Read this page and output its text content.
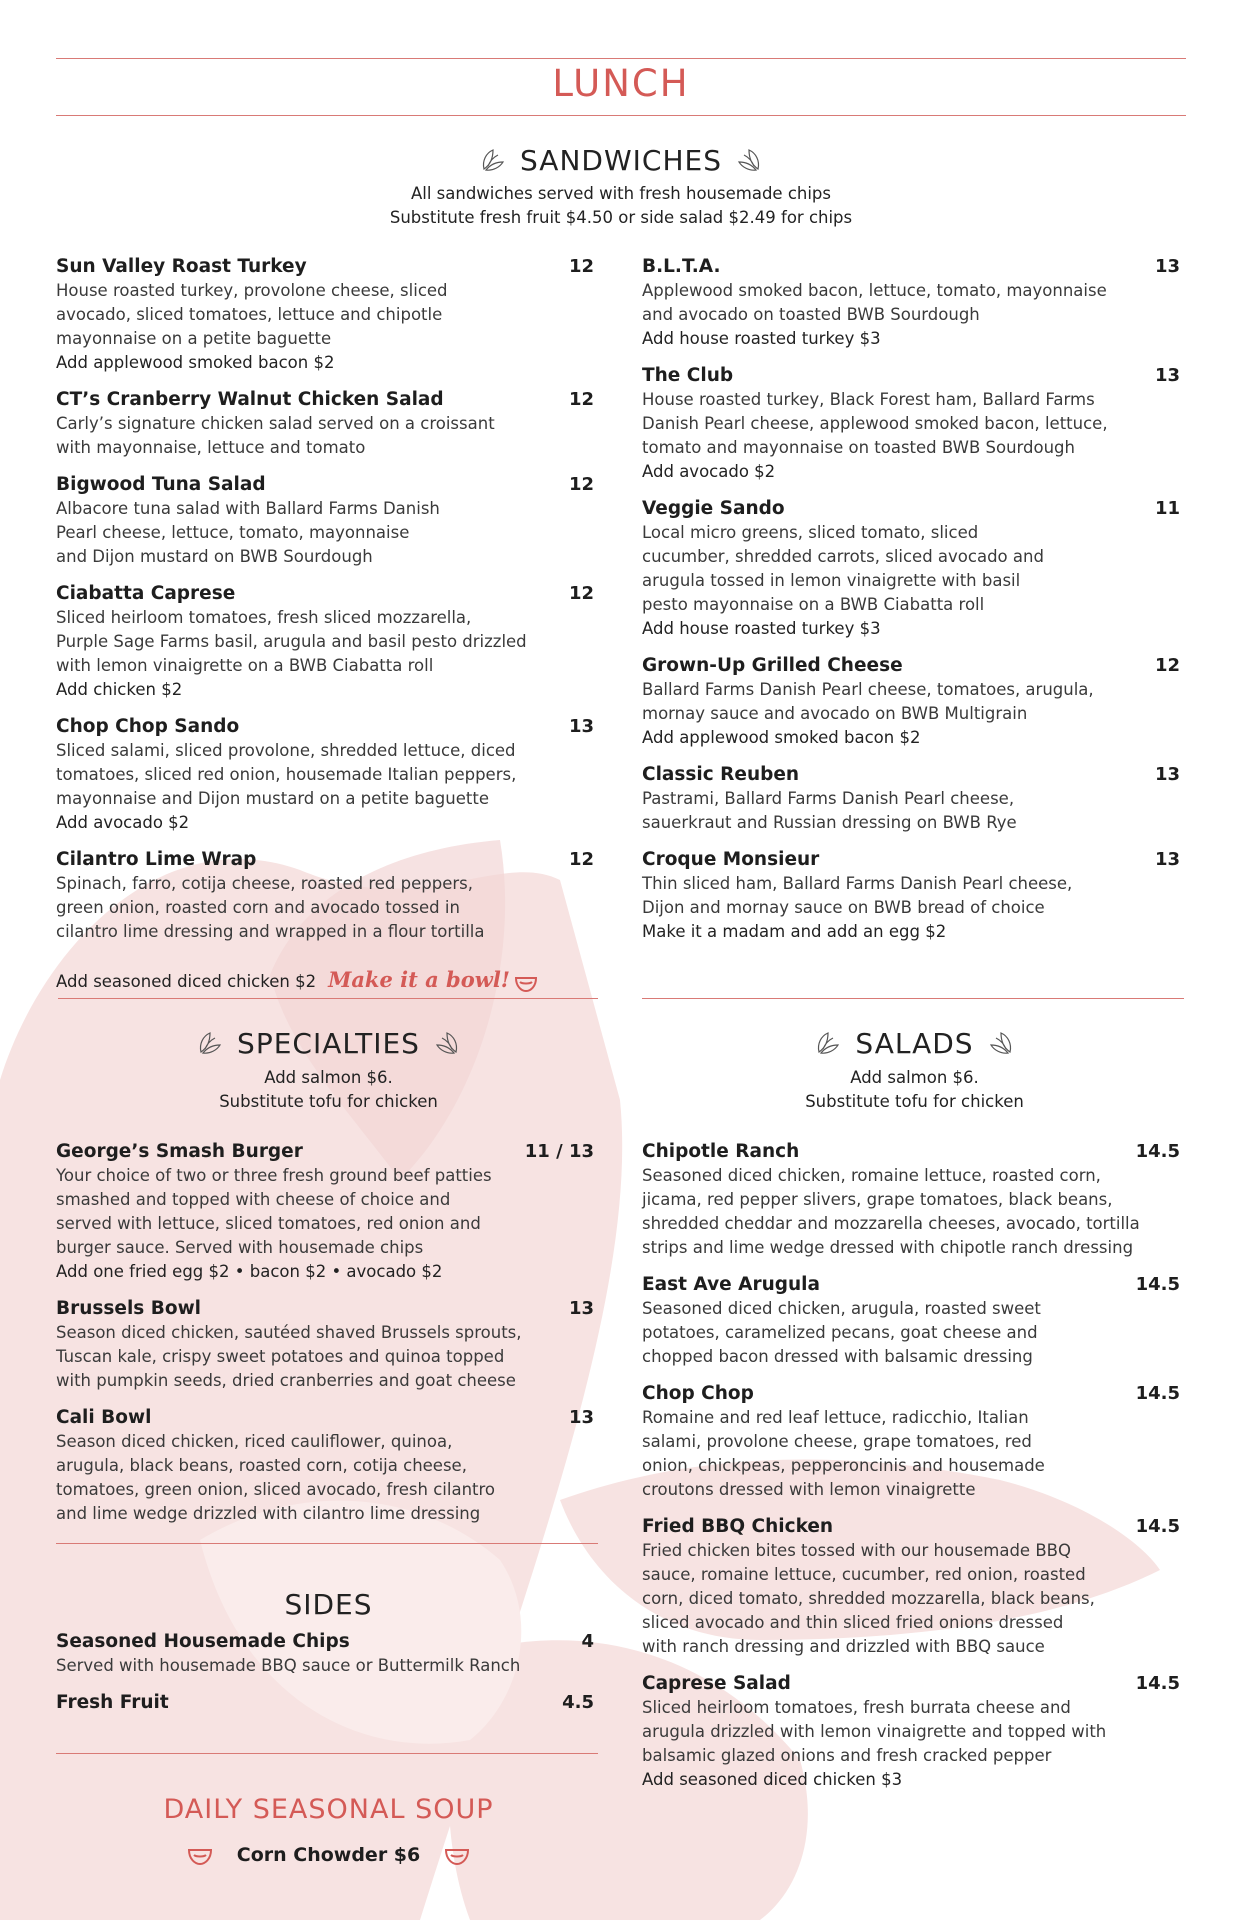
LUNCH
SANDWICHES
All sandwiches served with fresh housemade chips
Substitute fresh fruit $4.50 or side salad $2.49 for chips
Sun Valley Roast Turkey	12
House roasted turkey, provolone cheese, sliced
avocado, sliced tomatoes, lettuce and chipotle
mayonnaise on a petite baguette
Add applewood smoked bacon $2
CT’s Cranberry Walnut Chicken Salad	12
Carly’s signature chicken salad served on a croissant
with mayonnaise, lettuce and tomato
Bigwood Tuna Salad	12
Albacore tuna salad with Ballard Farms Danish
Pearl cheese, lettuce, tomato, mayonnaise
and Dijon mustard on BWB Sourdough
Ciabatta Caprese	12
Sliced heirloom tomatoes, fresh sliced mozzarella,
Purple Sage Farms basil, arugula and basil pesto drizzled
with lemon vinaigrette on a BWB Ciabatta roll
Add chicken $2
Chop Chop Sando	13
Sliced salami, sliced provolone, shredded lettuce, diced
tomatoes, sliced red onion, housemade Italian peppers,
mayonnaise and Dijon mustard on a petite baguette
Add avocado $2
Cilantro Lime Wrap	12
Spinach, farro, cotija cheese, roasted red peppers,
green onion, roasted corn and avocado tossed in
cilantro lime dressing and wrapped in a flour tortilla

Add seasoned diced chicken $2 Make it a bowl!

B.L.T.A.	13
Applewood smoked bacon, lettuce, tomato, mayonnaise
and avocado on toasted BWB Sourdough
Add house roasted turkey $3
The Club	13
House roasted turkey, Black Forest ham, Ballard Farms
Danish Pearl cheese, applewood smoked bacon, lettuce,
tomato and mayonnaise on toasted BWB Sourdough
Add avocado $2
Veggie Sando	11
Local micro greens, sliced tomato, sliced
cucumber, shredded carrots, sliced avocado and
arugula tossed in lemon vinaigrette with basil
pesto mayonnaise on a BWB Ciabatta roll
Add house roasted turkey $3
Grown-Up Grilled Cheese	12
Ballard Farms Danish Pearl cheese, tomatoes, arugula,
mornay sauce and avocado on BWB Multigrain
Add applewood smoked bacon $2
Classic Reuben	13
Pastrami, Ballard Farms Danish Pearl cheese,
sauerkraut and Russian dressing on BWB Rye
Croque Monsieur	13
Thin sliced ham, Ballard Farms Danish Pearl cheese,
Dijon and mornay sauce on BWB bread of choice
Make it a madam and add an egg $2
SPECIALTIES
Add salmon $6.
Substitute tofu for chicken
SALADS
Add salmon $6.
Substitute tofu for chicken
George’s Smash Burger	11 / 13
Your choice of two or three fresh ground beef patties
smashed and topped with cheese of choice and
served with lettuce, sliced tomatoes, red onion and
burger sauce. Served with housemade chips
Add one fried egg $2 • bacon $2 • avocado $2
Brussels Bowl	13
Season diced chicken, sautéed shaved Brussels sprouts,
Tuscan kale, crispy sweet potatoes and quinoa topped
with pumpkin seeds, dried cranberries and goat cheese
Cali Bowl	13
Season diced chicken, riced cauliflower, quinoa,
arugula, black beans, roasted corn, cotija cheese,
tomatoes, green onion, sliced avocado, fresh cilantro
and lime wedge drizzled with cilantro lime dressing
Chipotle Ranch	14.5
Seasoned diced chicken, romaine lettuce, roasted corn,
jicama, red pepper slivers, grape tomatoes, black beans,
shredded cheddar and mozzarella cheeses, avocado, tortilla
strips and lime wedge dressed with chipotle ranch dressing
East Ave Arugula	14.5
Seasoned diced chicken, arugula, roasted sweet
potatoes, caramelized pecans, goat cheese and
chopped bacon dressed with balsamic dressing
Chop Chop	14.5
Romaine and red leaf lettuce, radicchio, Italian
salami, provolone cheese, grape tomatoes, red
onion, chickpeas, pepperoncinis and housemade
croutons dressed with lemon vinaigrette
Fried BBQ Chicken	14.5
Fried chicken bites tossed with our housemade BBQ
sauce, romaine lettuce, cucumber, red onion, roasted
corn, diced tomato, shredded mozzarella, black beans,
sliced avocado and thin sliced fried onions dressed
with ranch dressing and drizzled with BBQ sauce
Caprese Salad	14.5
Sliced heirloom tomatoes, fresh burrata cheese and
arugula drizzled with lemon vinaigrette and topped with
balsamic glazed onions and fresh cracked pepper
Add seasoned diced chicken $3
SIDES
Seasoned Housemade Chips	4
Served with housemade BBQ sauce or Buttermilk Ranch
Fresh Fruit	4.5
DAILY SEASONAL SOUP
Corn Chowder $6
